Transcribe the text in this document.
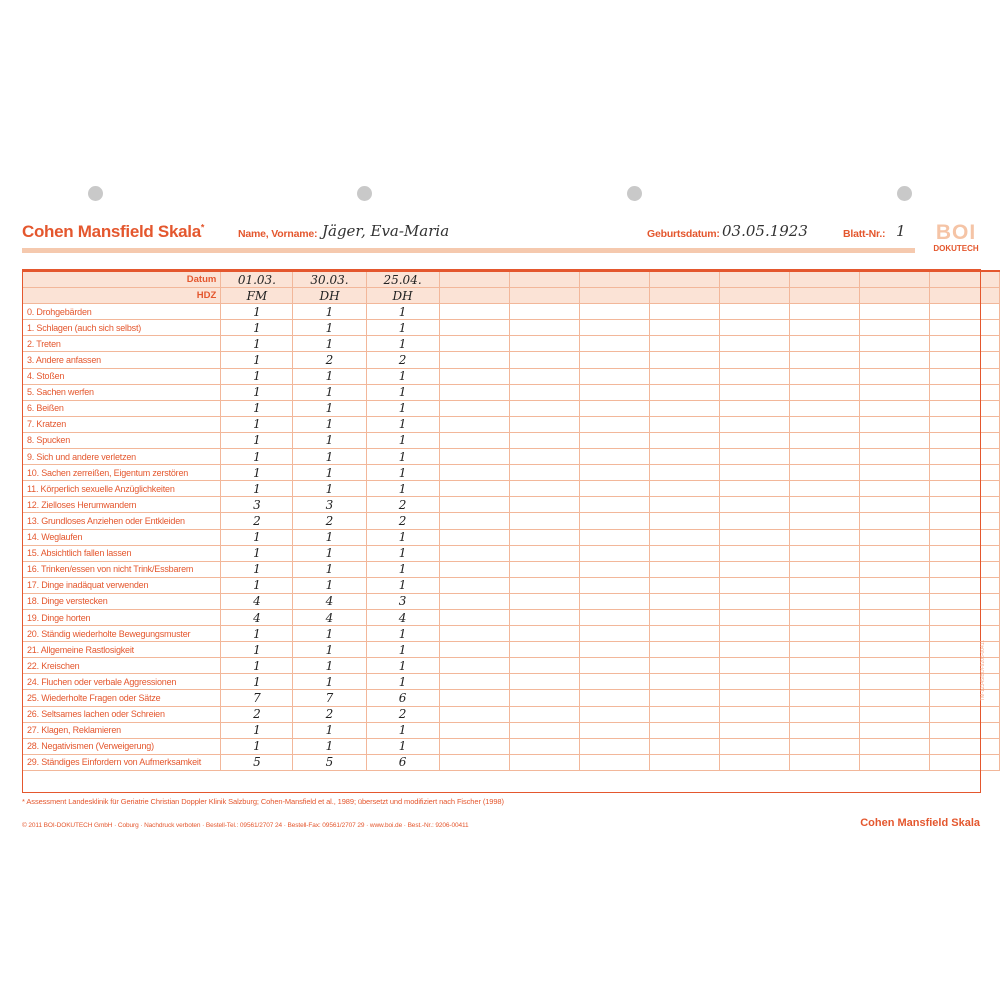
Cohen Mansfield Skala*
Name, Vorname: Jäger, Eva-Maria	Geburtsdatum: 03.05.1923	Blatt-Nr.: 1	BOI
DOKUTECH
Datum	01.03.	30.03.	25.04.								
HDZ	FM	DH	DH								
0. Drohgebärden	1	1	1								
1. Schlagen (auch sich selbst)	1	1	1								
2. Treten	1	1	1								
3. Andere anfassen	1	2	2								
4. Stoßen	1	1	1								
5. Sachen werfen	1	1	1								
6. Beißen	1	1	1								
7. Kratzen	1	1	1								
8. Spucken	1	1	1								
9. Sich und andere verletzen	1	1	1								
10. Sachen zerreißen, Eigentum zerstören	1	1	1								
11. Körperlich sexuelle Anzüglichkeiten	1	1	1								
12. Zielloses Herumwandern	3	3	2								
13. Grundloses Anziehen oder Entkleiden	2	2	2								
14. Weglaufen	1	1	1								
15. Absichtlich fallen lassen	1	1	1								
16. Trinken/essen von nicht Trink/Essbarem	1	1	1								
17. Dinge inadäquat verwenden	1	1	1								
18. Dinge verstecken	4	4	3								
19. Dinge horten	4	4	4								
20. Ständig wiederholte Bewegungsmuster	1	1	1								
21. Allgemeine Rastlosigkeit	1	1	1								
22. Kreischen	1	1	1								
24. Fluchen oder verbale Aggressionen	1	1	1								
25. Wiederholte Fragen oder Sätze	7	7	6								
26. Seltsames lachen oder Schreien	2	2	2								
27. Klagen, Reklamieren	1	1	1								
28. Negativismen (Verweigerung)	1	1	1								
29. Ständiges Einfordern von Aufmerksamkeit	5	5	6								
* Assessment Landesklinik für Geriatrie Christian Doppler Klinik Salzburg; Cohen-Mansfield et al., 1989; übersetzt und modifiziert nach Fischer (1998)
© 2011 BOI-DOKUTECH GmbH · Coburg · Nachdruck verboten · Bestell-Tel.: 09561/2707 24 · Bestell-Fax: 09561/2707 29 · www.boi.de · Best.-Nr.: 9206-00411	Cohen Mansfield Skala
TM-12345/BOI-9206-00411
